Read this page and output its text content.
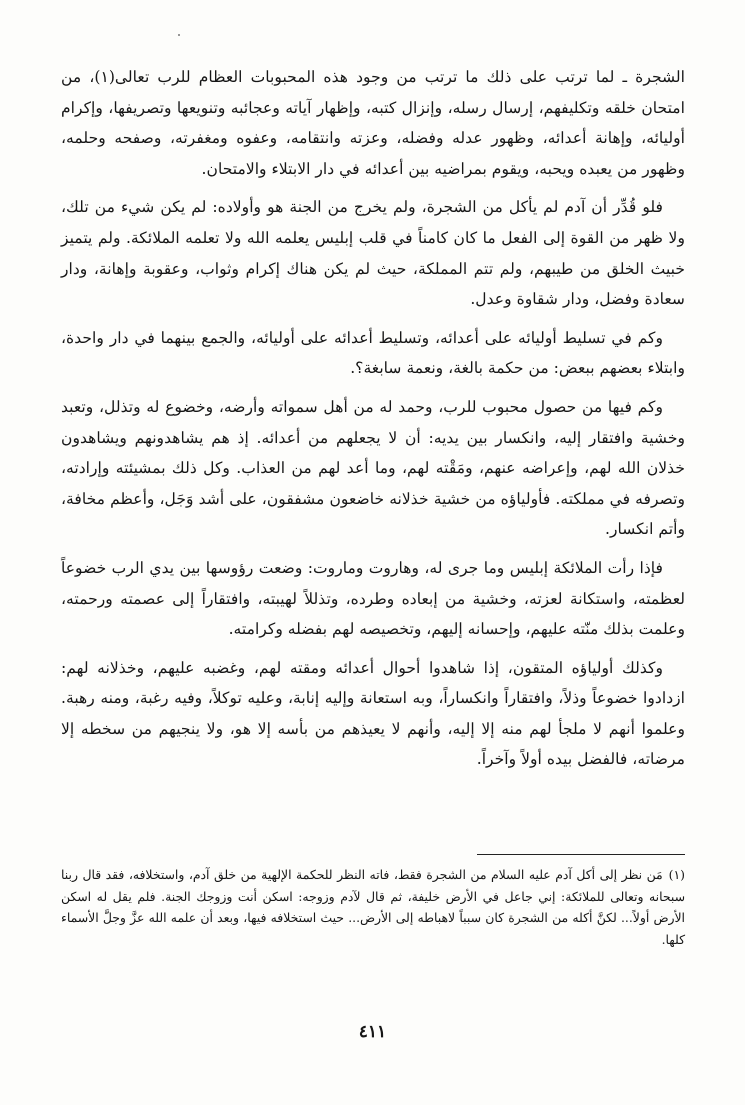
الشجرة ـ لما ترتب على ذلك ما ترتب من وجود هذه المحبوبات العظام للرب تعالى(١)، من امتحان خلقه وتكليفهم، إرسال رسله، وإنزال كتبه، وإظهار آياته وعجائبه وتنويعها وتصريفها، وإكرام أوليائه، وإهانة أعدائه، وظهور عدله وفضله، وعزته وانتقامه، وعفوه ومغفرته، وصفحه وحلمه، وظهور من يعبده ويحبه، ويقوم بمراضيه بين أعدائه في دار الابتلاء والامتحان.

فلو قُدِّر أن آدم لم يأكل من الشجرة، ولم يخرج من الجنة هو وأولاده: لم يكن شيء من تلك، ولا ظهر من القوة إلى الفعل ما كان كامناً في قلب إبليس يعلمه الله ولا تعلمه الملائكة. ولم يتميز خبيث الخلق من طيبهم، ولم تتم المملكة، حيث لم يكن هناك إكرام وثواب، وعقوبة وإهانة، ودار سعادة وفضل، ودار شقاوة وعدل.

وكم في تسليط أوليائه على أعدائه، وتسليط أعدائه على أوليائه، والجمع بينهما في دار واحدة، وابتلاء بعضهم ببعض: من حكمة بالغة، ونعمة سابغة؟.

وكم فيها من حصول محبوب للرب، وحمد له من أهل سمواته وأرضه، وخضوع له وتذلل، وتعبد وخشية وافتقار إليه، وانكسار بين يديه: أن لا يجعلهم من أعدائه. إذ هم يشاهدونهم ويشاهدون خذلان الله لهم، وإعراضه عنهم، ومَقْته لهم، وما أعد لهم من العذاب. وكل ذلك بمشيئته وإرادته، وتصرفه في مملكته. فأولياؤه من خشية خذلانه خاضعون مشفقون، على أشد وَجَل، وأعظم مخافة، وأتم انكسار.

فإذا رأت الملائكة إبليس وما جرى له، وهاروت وماروت: وضعت رؤوسها بين يدي الرب خضوعاً لعظمته، واستكانة لعزته، وخشية من إبعاده وطرده، وتذللاً لهيبته، وافتقاراً إلى عصمته ورحمته، وعلمت بذلك منّته عليهم، وإحسانه إليهم، وتخصيصه لهم بفضله وكرامته.

وكذلك أولياؤه المتقون، إذا شاهدوا أحوال أعدائه ومقته لهم، وغضبه عليهم، وخذلانه لهم: ازدادوا خضوعاً وذلاً، وافتقاراً وانكساراً، وبه استعانة وإليه إنابة، وعليه توكلاً، وفيه رغبة، ومنه رهبة. وعلموا أنهم لا ملجأ لهم منه إلا إليه، وأنهم لا يعيذهم من بأسه إلا هو، ولا ينجيهم من سخطه إلا مرضاته، فالفضل بيده أولاً وآخراً.

(١)مَن نظر إلى أكل آدم عليه السلام من الشجرة فقط، فاته النظر للحكمة الإلهية من خلق آدم، واستخلافه، فقد قال ربنا سبحانه وتعالى للملائكة: إني جاعل في الأرض خليفة، ثم قال لآدم وزوجه: اسكن أنت وزوجك الجنة. فلم يقل له اسكن الأرض أولاً... لكنَّ أكله من الشجرة كان سبباً لاهباطه إلى الأرض... حيث استخلافه فيها، وبعد أن علمه الله عزَّ وجلَّ الأسماء كلها.

٤١١
